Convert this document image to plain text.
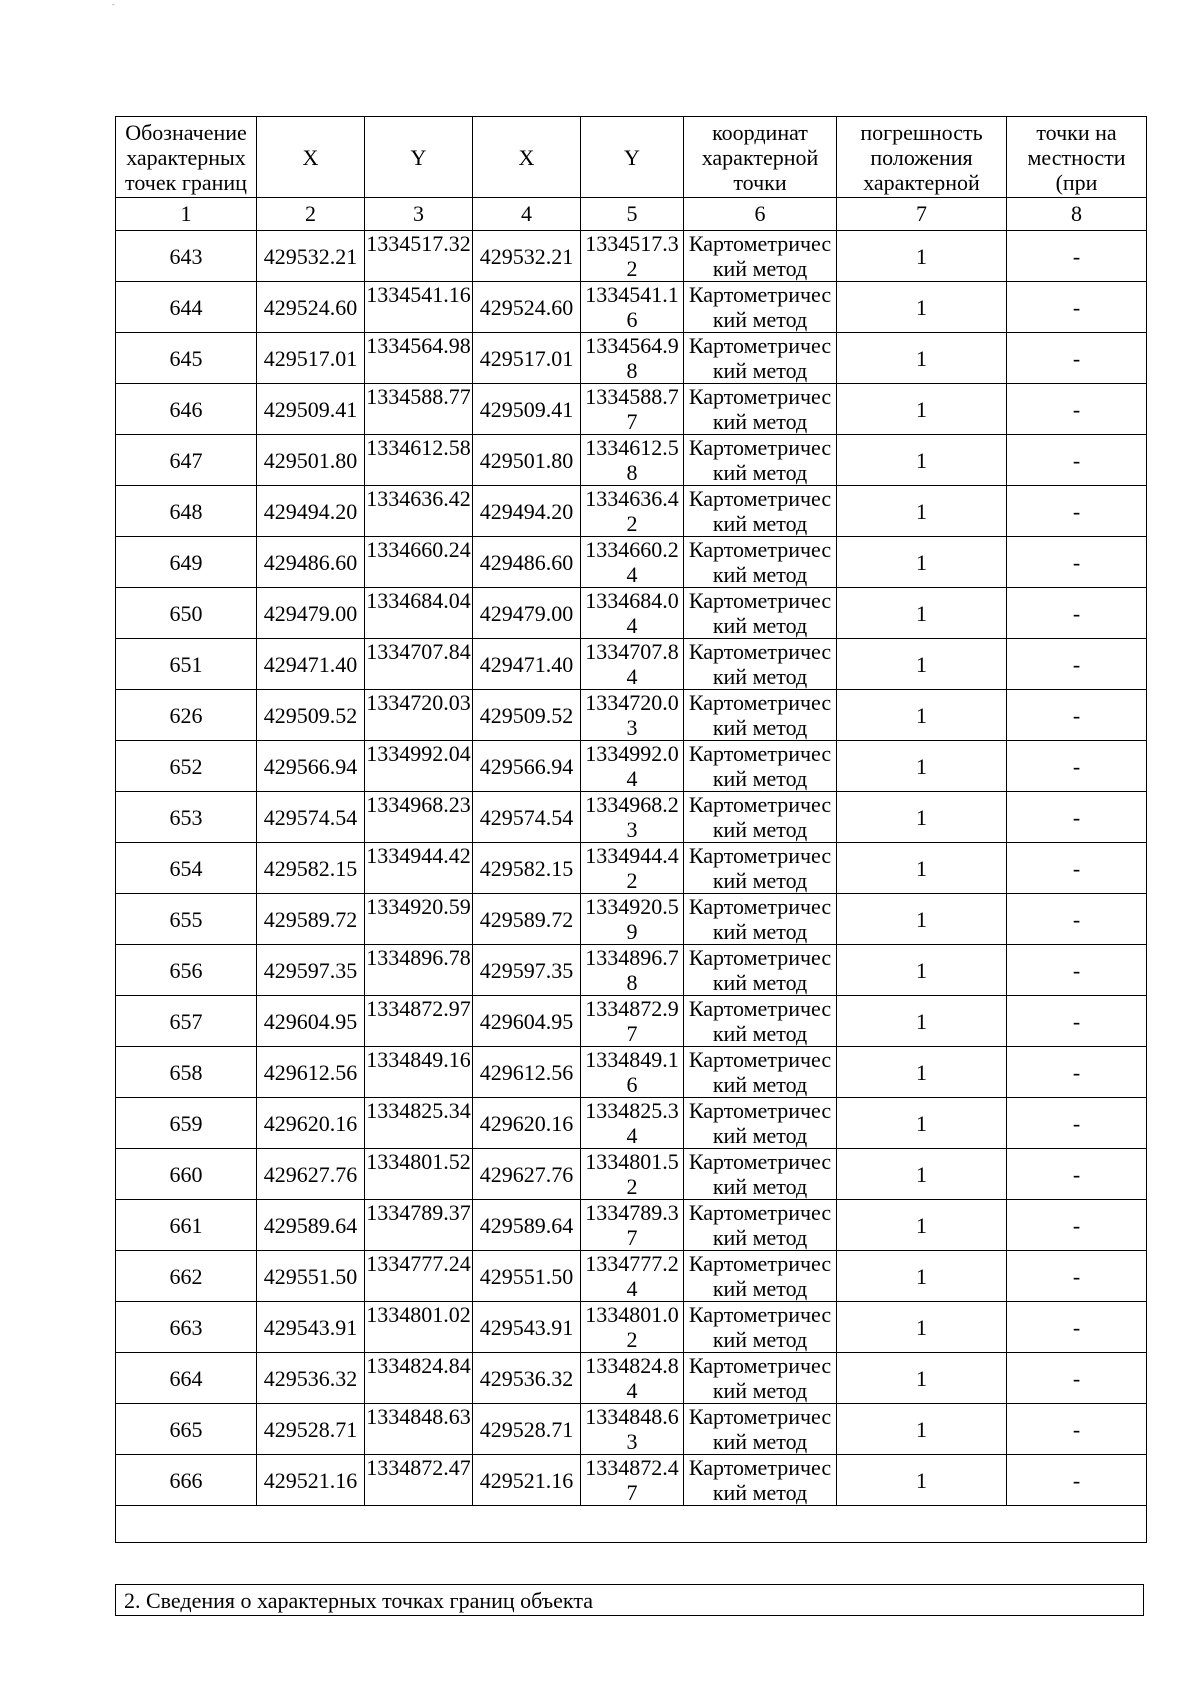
-
Обозначение характерных точек границ	X	Y	X	Y	координат характерной точки	погрешность положения характерной	точки на местности (при

1	2	3	4	5	6	7	8

643	429532.21	1334517.32	429532.21	1334517.32	Картометрический метод	1	-

644	429524.60	1334541.16	429524.60	1334541.16	Картометрический метод	1	-

645	429517.01	1334564.98	429517.01	1334564.98	Картометрический метод	1	-

646	429509.41	1334588.77	429509.41	1334588.77	Картометрический метод	1	-

647	429501.80	1334612.58	429501.80	1334612.58	Картометрический метод	1	-

648	429494.20	1334636.42	429494.20	1334636.42	Картометрический метод	1	-

649	429486.60	1334660.24	429486.60	1334660.24	Картометрический метод	1	-

650	429479.00	1334684.04	429479.00	1334684.04	Картометрический метод	1	-

651	429471.40	1334707.84	429471.40	1334707.84	Картометрический метод	1	-

626	429509.52	1334720.03	429509.52	1334720.03	Картометрический метод	1	-

652	429566.94	1334992.04	429566.94	1334992.04	Картометрический метод	1	-

653	429574.54	1334968.23	429574.54	1334968.23	Картометрический метод	1	-

654	429582.15	1334944.42	429582.15	1334944.42	Картометрический метод	1	-

655	429589.72	1334920.59	429589.72	1334920.59	Картометрический метод	1	-

656	429597.35	1334896.78	429597.35	1334896.78	Картометрический метод	1	-

657	429604.95	1334872.97	429604.95	1334872.97	Картометрический метод	1	-

658	429612.56	1334849.16	429612.56	1334849.16	Картометрический метод	1	-

659	429620.16	1334825.34	429620.16	1334825.34	Картометрический метод	1	-

660	429627.76	1334801.52	429627.76	1334801.52	Картометрический метод	1	-

661	429589.64	1334789.37	429589.64	1334789.37	Картометрический метод	1	-

662	429551.50	1334777.24	429551.50	1334777.24	Картометрический метод	1	-

663	429543.91	1334801.02	429543.91	1334801.02	Картометрический метод	1	-

664	429536.32	1334824.84	429536.32	1334824.84	Картометрический метод	1	-

665	429528.71	1334848.63	429528.71	1334848.63	Картометрический метод	1	-

666	429521.16	1334872.47	429521.16	1334872.47	Картометрический метод	1	-

2. Сведения о характерных точках границ объекта
